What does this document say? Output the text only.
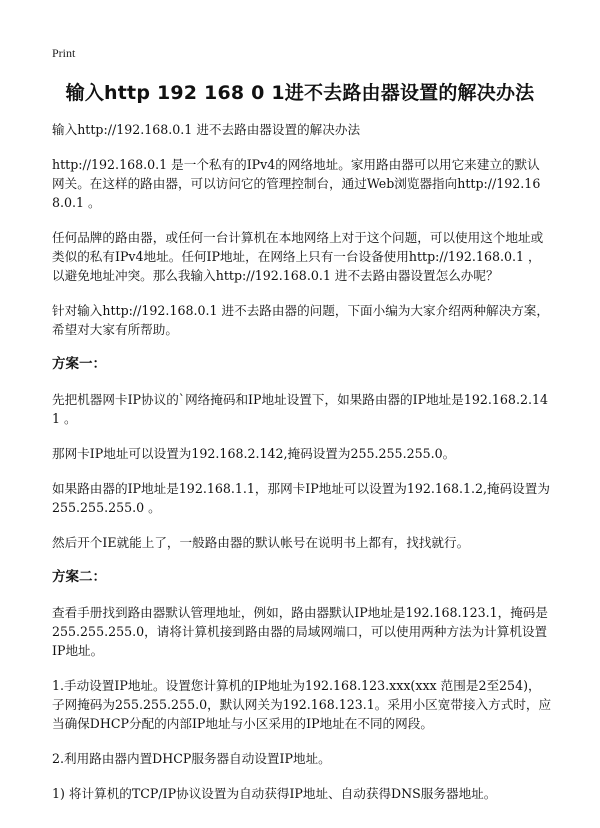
Print
输入http 192 168 0 1进不去路由器设置的解决办法

输入http://192.168.0.1 进不去路由器设置的解决办法

http://192.168.0.1 是一个私有的IPv4的网络地址。家用路由器可以用它来建立的默认网关。在这样的路由器，可以访问它的管理控制台，通过Web浏览器指向http://192.168.0.1 。

任何品牌的路由器，或任何一台计算机在本地网络上对于这个问题，可以使用这个地址或类似的私有IPv4地址。任何IP地址，在网络上只有一台设备使用http://192.168.0.1 ，以避免地址冲突。那么我输入http://192.168.0.1 进不去路由器设置怎么办呢？

针对输入http://192.168.0.1 进不去路由器的问题，下面小编为大家介绍两种解决方案，希望对大家有所帮助。

方案一：

先把机器网卡IP协议的`网络掩码和IP地址设置下，如果路由器的IP地址是192.168.2.141 。

那网卡IP地址可以设置为192.168.2.142,掩码设置为255.255.255.0。

如果路由器的IP地址是192.168.1.1，那网卡IP地址可以设置为192.168.1.2,掩码设置为255.255.255.0 。

然后开个IE就能上了，一般路由器的默认帐号在说明书上都有，找找就行。

方案二：

查看手册找到路由器默认管理地址，例如，路由器默认IP地址是192.168.123.1，掩码是255.255.255.0，请将计算机接到路由器的局域网端口，可以使用两种方法为计算机设置IP地址。

1.手动设置IP地址。设置您计算机的IP地址为192.168.123.xxx(xxx 范围是2至254)，子网掩码为255.255.255.0，默认网关为192.168.123.1。采用小区宽带接入方式时，应当确保DHCP分配的内部IP地址与小区采用的IP地址在不同的网段。

2.利用路由器内置DHCP服务器自动设置IP地址。

1) 将计算机的TCP/IP协议设置为自动获得IP地址、自动获得DNS服务器地址。
